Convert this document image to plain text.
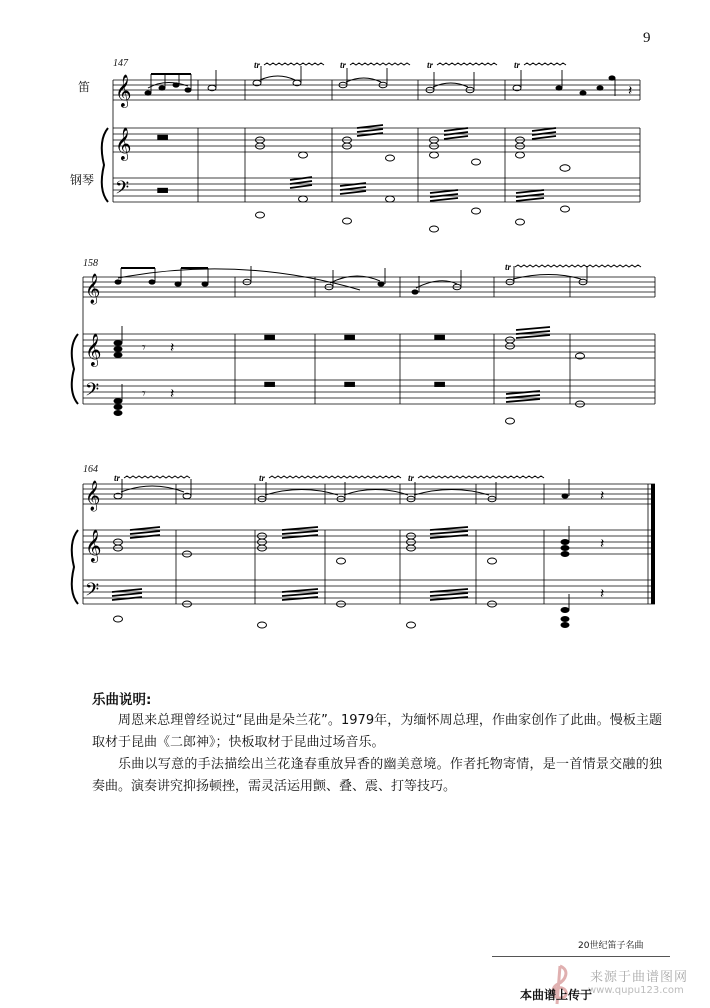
9
147
笛
钢琴
𝄞
𝄞
𝄢
tr	tr	tr	tr
𝄽
▬
▬
158
𝄞
𝄞
𝄢
tr
𝄾 𝄽
𝄾 𝄽
▬	▬	▬
▬	▬	▬
164
𝄞
𝄞
𝄢
tr	tr	tr
𝄽
𝄽
𝄽
乐曲说明:
周恩来总理曾经说过“昆曲是朵兰花”。1979年，为缅怀周总理，作曲家创作了此曲。慢板主题取材于昆曲《二郎神》；快板取材于昆曲过场音乐。
乐曲以写意的手法描绘出兰花逢春重放异香的幽美意境。作者托物寄情，是一首情景交融的独奏曲。演奏讲究抑扬顿挫，需灵活运用颤、叠、震、打等技巧。
20世纪笛子名曲
来源于曲谱图网
www.qupu123.com
本曲谱上传于
